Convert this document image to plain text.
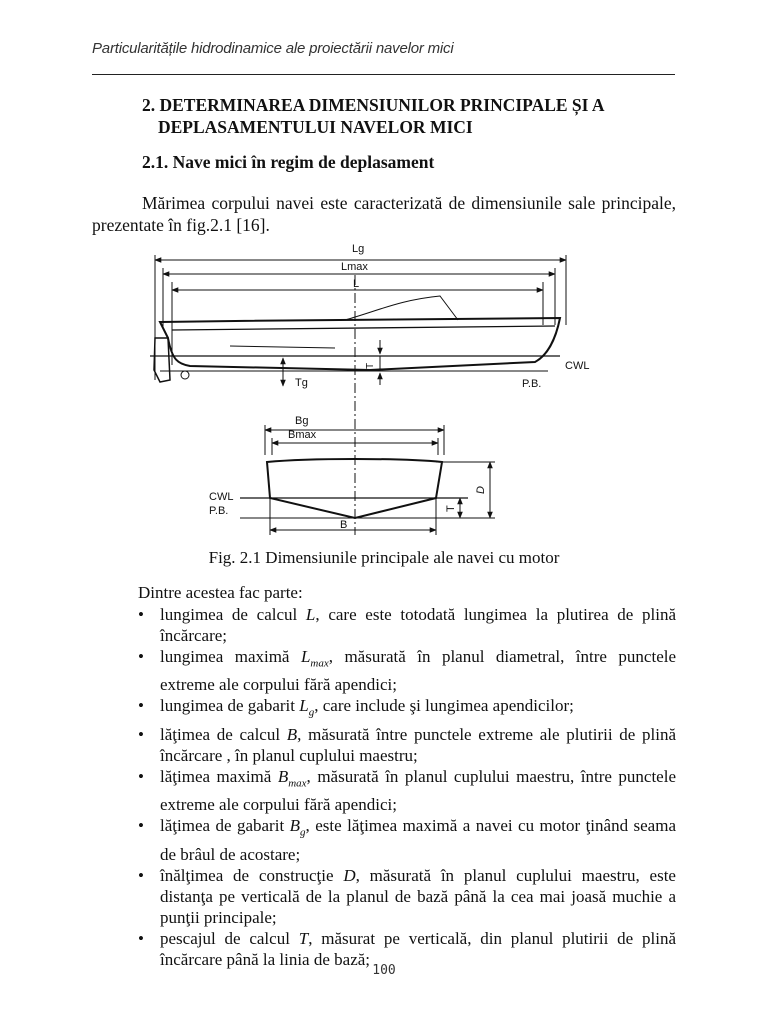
Particularitățile hidrodinamice ale proiectării navelor mici
2. DETERMINAREA DIMENSIUNILOR PRINCIPALE ȘI A
DEPLASAMENTULUI NAVELOR MICI
2.1. Nave mici în regim de deplasament
Mărimea corpului navei este caracterizată de dimensiunile sale principale, prezentate în fig.2.1 [16].
Lg
Lmax
L
T
Tg
CWL
P.B.
Bg
Bmax
CWL
P.B.
D
T
B
Fig. 2.1 Dimensiunile principale ale navei cu motor
Dintre acestea fac parte:
• lungimea de calcul L, care este totodată lungimea la plutirea de plină încărcare;
• lungimea maximă $L_{max}$, măsurată în planul diametral, între punctele extreme ale corpului fără apendici;
• lungimea de gabarit $L_g$, care include şi lungimea apendicilor;
• lăţimea de calcul B, măsurată între punctele extreme ale plutirii de plină încărcare , în planul cuplului maestru;
• lăţimea maximă $B_{max}$, măsurată în planul cuplului maestru, între punctele extreme ale corpului fără apendici;
• lăţimea de gabarit $B_g$, este lăţimea maximă a navei cu motor ţinând seama de brâul de acostare;
• înălţimea de construcţie D, măsurată în planul cuplului maestru, este distanţa pe verticală de la planul de bază până la cea mai joasă muchie a punţii principale;
• pescajul de calcul T, măsurat pe verticală, din planul plutirii de plină încărcare până la linia de bază;
100
